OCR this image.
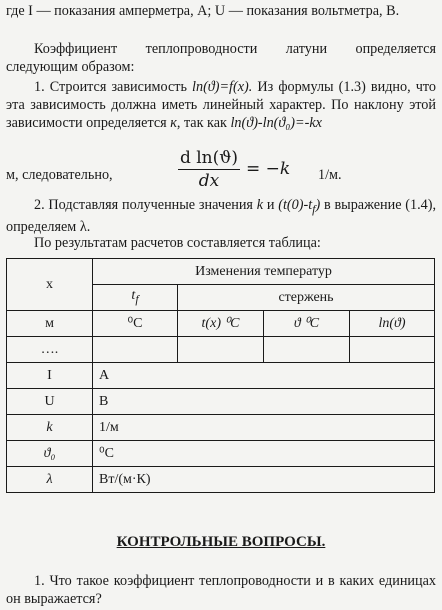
где I — показания амперметра, А; U — показания вольтметра, В.

Коэффициент теплопроводности латуни определяется следующим образом:

1. Строится зависимость ln(ϑ)=f(x). Из формулы (1.3) видно, что эта зависимость должна иметь линейный характер. По наклону этой зависимости определяется к, так как ln(ϑ)-ln(ϑ₀)=-kx

м, следовательно,
d ln(ϑ)
dx
= −k 1/м.

2. Подставляя полученные значения k и $(t(0)-t_f)$ в выражение (1.4), определяем λ.

По результатам расчетов составляется таблица:

x	Изменения температур			
	$t_f$	стержень		
м	⁰C	t(x) ⁰C	ϑ ⁰C	ln(ϑ)
….				
I	А			
U	В			
k	1/м			
ϑ₀	⁰C			
λ	Вт/(м·К)			
КОНТРОЛЬНЫЕ ВОПРОСЫ.

1. Что такое коэффициент теплопроводности и в каких единицах он выражается?
